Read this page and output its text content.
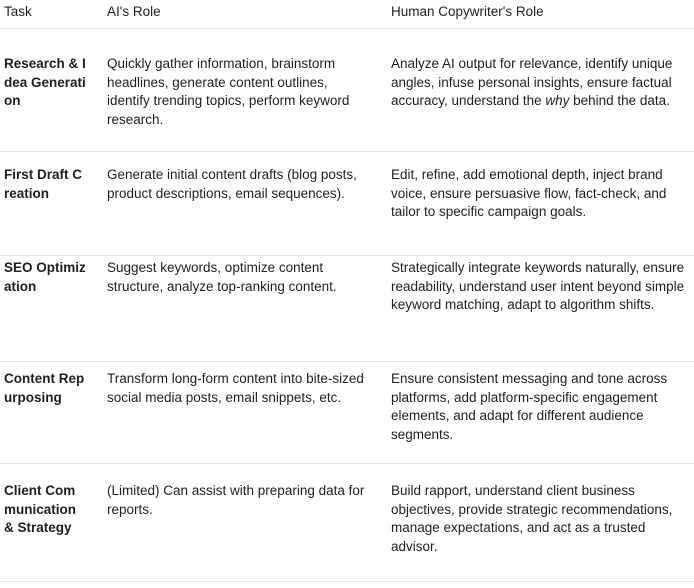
Task	AI's Role	Human Copywriter's Role
Research & Idea Generation
Quickly gather information, brainstorm headlines, generate content outlines, identify trending topics, perform keyword research.
Analyze AI output for relevance, identify unique angles, infuse personal insights, ensure factual accuracy, understand the why behind the data.
First Draft Creation
Generate initial content drafts (blog posts, product descriptions, email sequences).
Edit, refine, add emotional depth, inject brand voice, ensure persuasive flow, fact-check, and tailor to specific campaign goals.
SEO Optimization
Suggest keywords, optimize content structure, analyze top-ranking content.
Strategically integrate keywords naturally, ensure readability, understand user intent beyond simple keyword matching, adapt to algorithm shifts.
Content Repurposing
Transform long-form content into bite-sized social media posts, email snippets, etc.
Ensure consistent messaging and tone across platforms, add platform-specific engagement elements, and adapt for different audience segments.
Client Communication & Strategy
(Limited) Can assist with preparing data for reports.
Build rapport, understand client business objectives, provide strategic recommendations, manage expectations, and act as a trusted advisor.
